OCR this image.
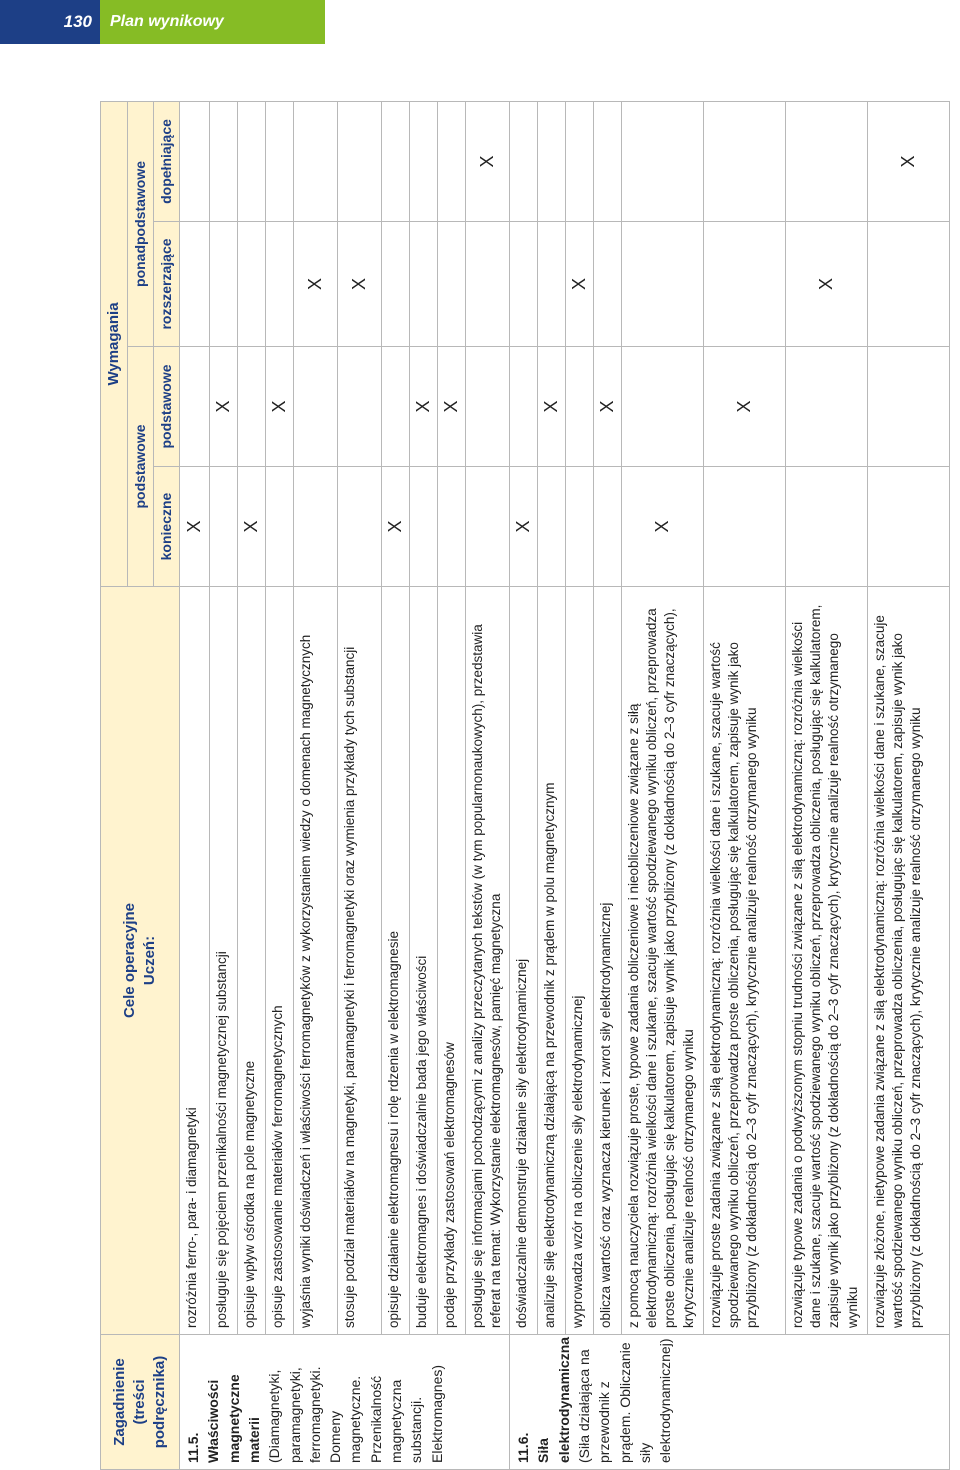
130	Plan wynikowy
Zagadnienie (treści podręcznika)	Cele operacyjne Uczeń:	Wymagania			
		podstawowe		ponadpodstawowe	
		konieczne	podstawowe	rozszerzające	dopełniające

11.5. Właściwości magnetyczne materii (Diamagnetyki, paramagnetyki, ferromagnetyki. Domeny magnetyczne. Przenikalność magnetyczna substancji. Elektromagnes)	rozróżnia ferro-, para- i diamagnetyki	X			
	posługuje się pojęciem przenikalności magnetycznej substancji		X		
	opisuje wpływ ośrodka na pole magnetyczne	X			
	opisuje zastosowanie materiałów ferromagnetycznych		X		
	wyjaśnia wyniki doświadczeń i właściwości ferromagnetyków z wykorzystaniem wiedzy o domenach magnetycznych			X	
	stosuje podział materiałów na magnetyki, paramagnetyki i ferromagnetyki oraz wymienia przykłady tych substancji			X	
	opisuje działanie elektromagnesu i rolę rdzenia w elektromagnesie	X			
	buduje elektromagnes i doświadczalnie bada jego właściwości		X		
	podaje przykłady zastosowań elektromagnesów		X		
	posługuje się informacjami pochodzącymi z analizy przeczytanych tekstów (w tym popularnonaukowych), przedstawia referat na temat: Wykorzystanie elektromagnesów, pamięć magnetyczna				X

11.6. Siła elektrodynamiczna (Siła działająca na przewodnik z prądem. Obliczanie siły elektrodynamicznej)	doświadczalnie demonstruje działanie siły elektrodynamicznej	X			
	analizuje siłę elektrodynamiczną działającą na przewodnik z prądem w polu magnetycznym		X		
	wyprowadza wzór na obliczenie siły elektrodynamicznej			X	
	oblicza wartość oraz wyznacza kierunek i zwrot siły elektrodynamicznej		X		
	z pomocą nauczyciela rozwiązuje proste, typowe zadania obliczeniowe i nieobliczeniowe związane z siłą elektrodynamiczną: rozróżnia wielkości dane i szukane, szacuje wartość spodziewanego wyniku obliczeń, przeprowadza proste obliczenia, posługując się kalkulatorem, zapisuje wynik jako przybliżony (z dokładnością do 2–3 cyfr znaczących), krytycznie analizuje realność otrzymanego wyniku	X			
	rozwiązuje proste zadania związane z siłą elektrodynamiczną: rozróżnia wielkości dane i szukane, szacuje wartość spodziewanego wyniku obliczeń, przeprowadza proste obliczenia, posługując się kalkulatorem, zapisuje wynik jako przybliżony (z dokładnością do 2–3 cyfr znaczących), krytycznie analizuje realność otrzymanego wyniku		X		
	rozwiązuje typowe zadania o podwyższonym stopniu trudności związane z siłą elektrodynamiczną: rozróżnia wielkości dane i szukane, szacuje wartość spodziewanego wyniku obliczeń, przeprowadza obliczenia, posługując się kalkulatorem, zapisuje wynik jako przybliżony (z dokładnością do 2–3 cyfr znaczących), krytycznie analizuje realność otrzymanego wyniku			X	
	rozwiązuje złożone, nietypowe zadania związane z siłą elektrodynamiczną: rozróżnia wielkości dane i szukane, szacuje wartość spodziewanego wyniku obliczeń, przeprowadza obliczenia, posługując się kalkulatorem, zapisuje wynik jako przybliżony (z dokładnością do 2–3 cyfr znaczących), krytycznie analizuje realność otrzymanego wyniku				X
